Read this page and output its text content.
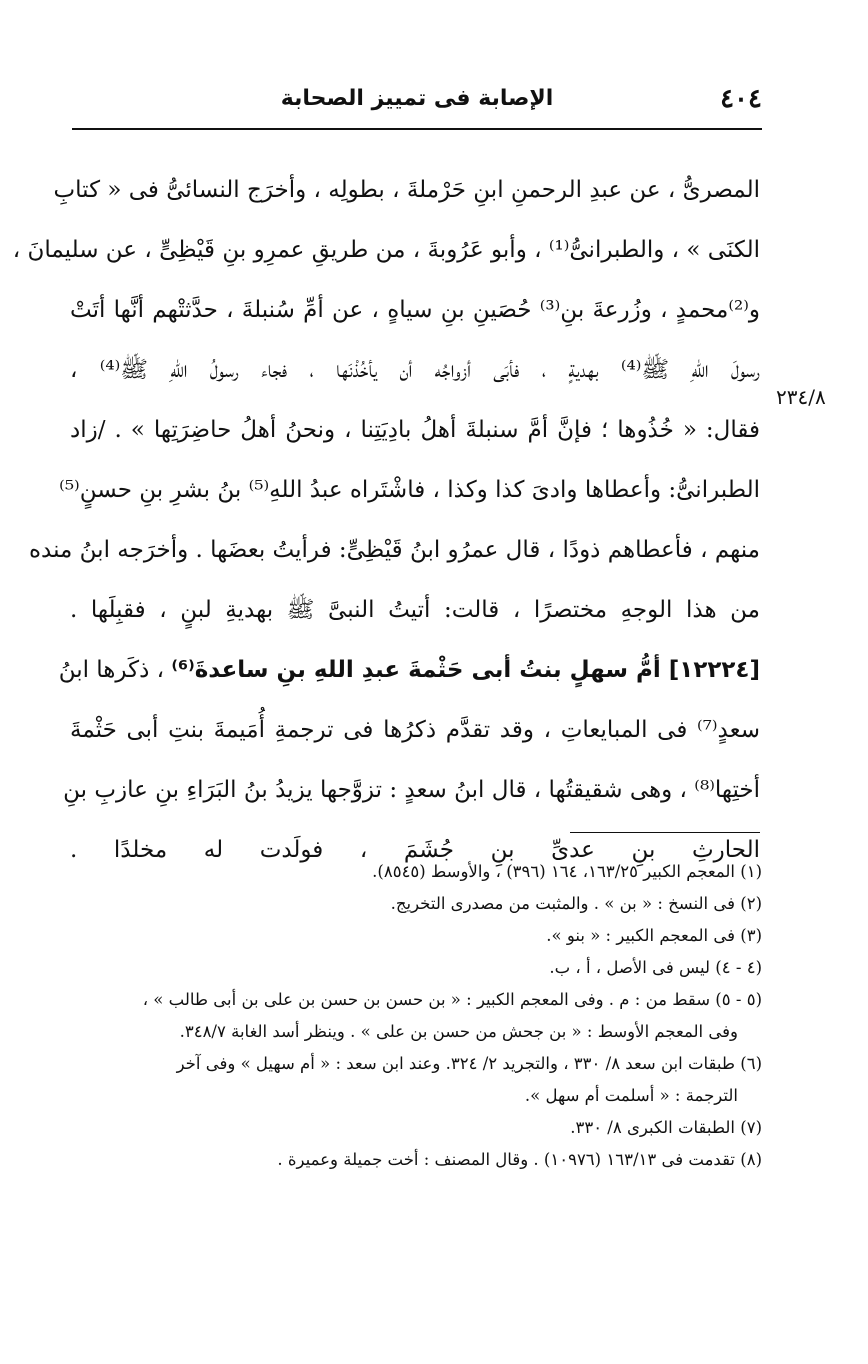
٤٠٤
الإصابة فى تمييز الصحابة
٢٣٤/٨
المصرىُّ ، عن عبدِ الرحمنِ ابنِ حَرْملةَ ، بطولِه ، وأخرَج النسائىُّ فى « كتابِ
الكنَى » ، والطبرانىُّ⁽¹⁾ ، وأبو عَرُوبةَ ، من طريقِ عمرِو بنِ قَيْظِىٍّ ، عن سليمانَ ،
و⁽²⁾محمدٍ ، وزُرعةَ بنِ⁽³⁾ حُصَينِ بنِ سياهٍ ، عن أمِّ سُنبلةَ ، حدَّثتْهم أنَّها أتَتْ
رسولَ اللهِ ﷺ⁽⁴⁾ بهديةٍ ، فأبَى أزواجُه أن يأخُذْنَها ، فجاء رسولُ اللهِ ﷺ⁽⁴⁾ ،
فقال: « خُذُوها ؛ فإنَّ أمَّ سنبلةَ أهلُ بادِيَتِنا ، ونحنُ أهلُ حاضِرَتِها » . /زاد
الطبرانىُّ: وأعطاها وادىَ كذا وكذا ، فاشْتَراه عبدُ اللهِ⁽⁵⁾ بنُ بشرِ بنِ حسنٍ⁽⁵⁾
منهم ، فأعطاهم ذودًا ، قال عمرُو ابنُ قَيْظِىٍّ: فرأيتُ بعضَها . وأخرَجه ابنُ منده
من هذا الوجهِ مختصرًا ، قالت: أتيتُ النبىَّ ﷺ بهديةِ لبنٍ ، فقبِلَها .
[١٢٢٢٤] أمُّ سهلٍ بنتُ أبى حَثْمةَ عبدِ اللهِ بنِ ساعدةَ⁽⁶⁾ ، ذكَرها ابنُ
سعدٍ⁽⁷⁾ فى المبايعاتِ ، وقد تقدَّم ذكرُها فى ترجمةِ أُمَيمةَ بنتِ أبى حَثْمةَ
أختِها⁽⁸⁾ ، وهى شقيقتُها ، قال ابنُ سعدٍ : تزوَّجها يزيدُ بنُ البَرَاءِ بنِ عازبِ بنِ
الحارثِ بنِ عدىِّ بنِ جُشَمَ ، فولَدت له مخلدًا .
(١) المعجم الكبير ١٦٣/٢٥، ١٦٤ (٣٩٦) ، والأوسط (٨٥٤٥).
(٢) فى النسخ : « بن » . والمثبت من مصدرى التخريج.
(٣) فى المعجم الكبير : « بنو ».
(٤ - ٤) ليس فى الأصل ، أ ، ب.
(٥ - ٥) سقط من : م . وفى المعجم الكبير : « بن حسن بن حسن بن على بن أبى طالب » ،
وفى المعجم الأوسط : « بن جحش من حسن بن على » . وينظر أسد الغابة ٣٤٨/٧.
(٦) طبقات ابن سعد ٨/ ٣٣٠ ، والتجريد ٢/ ٣٢٤. وعند ابن سعد : « أم سهيل » وفى آخر
الترجمة : « أسلمت أم سهل ».
(٧) الطبقات الكبرى ٨/ ٣٣٠.
(٨) تقدمت فى ١٦٣/١٣ (١٠٩٧٦) . وقال المصنف : أخت جميلة وعميرة .
